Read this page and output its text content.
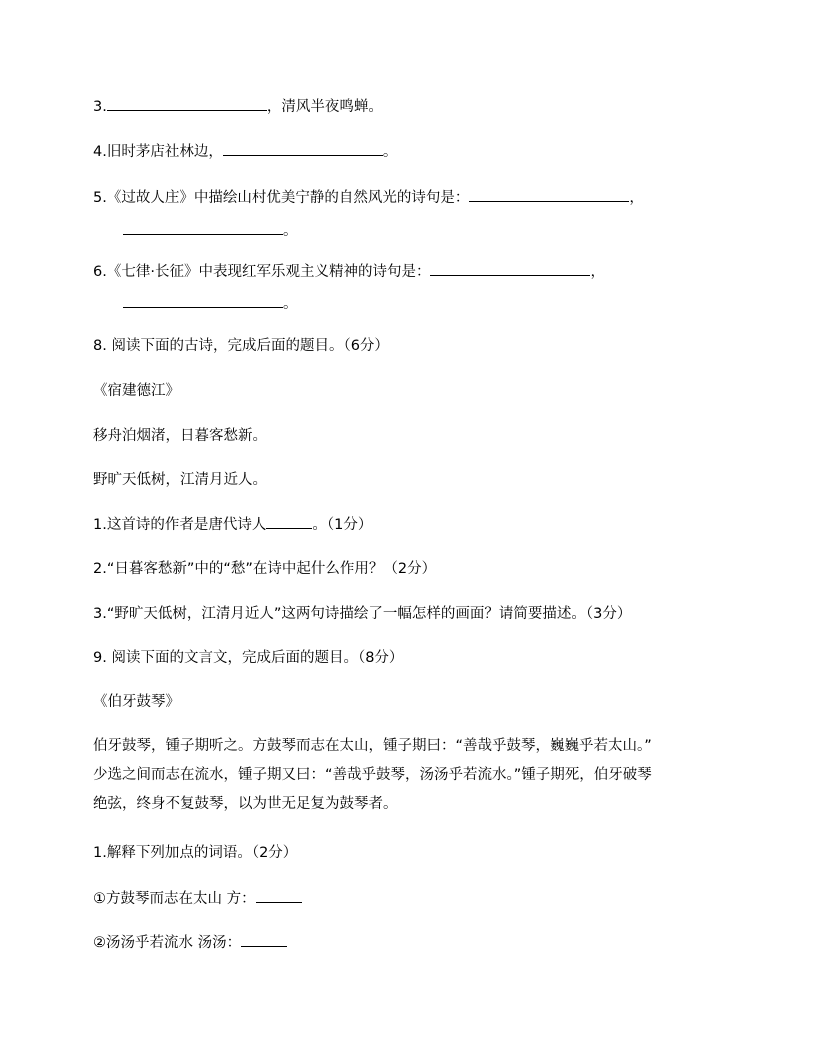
3.	，清风半夜鸣蝉。
4.旧时茅店社林边，	。
5.《过故人庄》中描绘山村优美宁静的自然风光的诗句是：	，
。
6.《七律·长征》中表现红军乐观主义精神的诗句是：	，
。
8. 阅读下面的古诗，完成后面的题目。（6分）
《宿建德江》
移舟泊烟渚，日暮客愁新。
野旷天低树，江清月近人。
1.这首诗的作者是唐代诗人	。（1分）
2.“日暮客愁新”中的“愁”在诗中起什么作用？（2分）
3.“野旷天低树，江清月近人”这两句诗描绘了一幅怎样的画面？请简要描述。（3分）
9. 阅读下面的文言文，完成后面的题目。（8分）
《伯牙鼓琴》
伯牙鼓琴，锺子期听之。方鼓琴而志在太山，锺子期曰：“善哉乎鼓琴，巍巍乎若太山。”
少选之间而志在流水，锺子期又曰：“善哉乎鼓琴，汤汤乎若流水。”锺子期死，伯牙破琴
绝弦，终身不复鼓琴，以为世无足复为鼓琴者。
1.解释下列加点的词语。（2分）
①方鼓琴而志在太山 方：
②汤汤乎若流水 汤汤：
